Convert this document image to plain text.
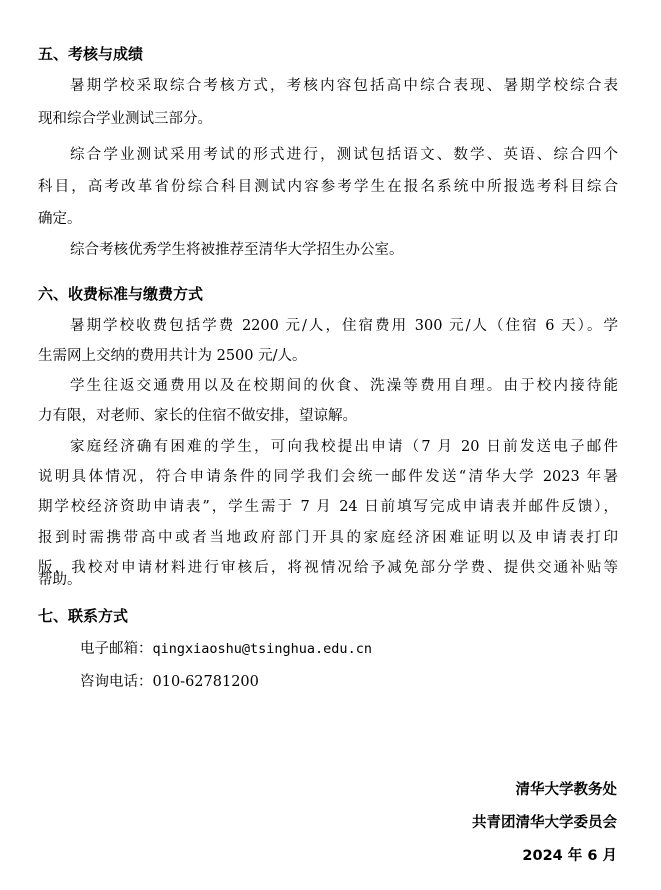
五、考核与成绩
暑期学校采取综合考核方式，考核内容包括高中综合表现、暑期学校综合表
现和综合学业测试三部分。
综合学业测试采用考试的形式进行，测试包括语文、数学、英语、综合四个
科目，高考改革省份综合科目测试内容参考学生在报名系统中所报选考科目综合
确定。
综合考核优秀学生将被推荐至清华大学招生办公室。
六、收费标准与缴费方式
暑期学校收费包括学费 2200 元/人，住宿费用 300 元/人（住宿 6 天）。学
生需网上交纳的费用共计为 2500 元/人。
学生往返交通费用以及在校期间的伙食、洗澡等费用自理。由于校内接待能
力有限，对老师、家长的住宿不做安排，望谅解。
家庭经济确有困难的学生，可向我校提出申请（7 月 20 日前发送电子邮件
说明具体情况，符合申请条件的同学我们会统一邮件发送“清华大学 2023 年暑
期学校经济资助申请表”，学生需于 7 月 24 日前填写完成申请表并邮件反馈），
报到时需携带高中或者当地政府部门开具的家庭经济困难证明以及申请表打印
版，我校对申请材料进行审核后，将视情况给予减免部分学费、提供交通补贴等
帮助。
七、联系方式
电子邮箱：qingxiaoshu@tsinghua.edu.cn
咨询电话：010-62781200
清华大学教务处
共青团清华大学委员会
2024 年 6 月
